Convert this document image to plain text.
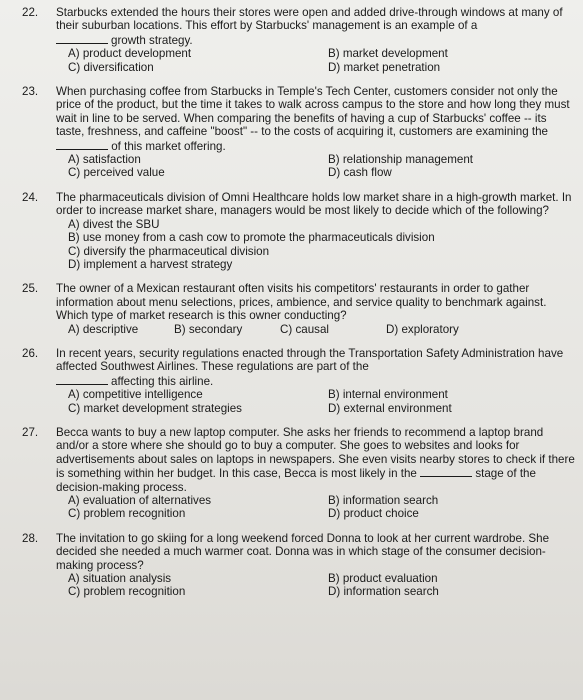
22. Starbucks extended the hours their stores were open and added drive-through windows at many of their suburban locations. This effort by Starbucks' management is an example of a
growth strategy.

A) product development	B) market development
C) diversification	D) market penetration
23. When purchasing coffee from Starbucks in Temple's Tech Center, customers consider not only the price of the product, but the time it takes to walk across campus to the store and how long they must wait in line to be served. When comparing the benefits of having a cup of Starbucks' coffee -- its taste, freshness, and caffeine "boost" -- to the costs of acquiring it, customers are examining the  of this market offering.

A) satisfaction	B) relationship management
C) perceived value	D) cash flow
24. The pharmaceuticals division of Omni Healthcare holds low market share in a high-growth market. In order to increase market share, managers would be most likely to decide which of the following?

A) divest the SBU
B) use money from a cash cow to promote the pharmaceuticals division
C) diversify the pharmaceutical division
D) implement a harvest strategy
25. The owner of a Mexican restaurant often visits his competitors' restaurants in order to gather information about menu selections, prices, ambience, and service quality to benchmark against. Which type of market research is this owner conducting?

A) descriptive	B) secondary	C) causal	D) exploratory
26. In recent years, security regulations enacted through the Transportation Safety Administration have affected Southwest Airlines. These regulations are part of the
affecting this airline.

A) competitive intelligence	B) internal environment
C) market development strategies	D) external environment
27. Becca wants to buy a new laptop computer. She asks her friends to recommend a laptop brand and/or a store where she should go to buy a computer. She goes to websites and looks for advertisements about sales on laptops in newspapers. She even visits nearby stores to check if there is something within her budget. In this case, Becca is most likely in the	stage of the decision-making process.

A) evaluation of alternatives	B) information search
C) problem recognition	D) product choice
28. The invitation to go skiing for a long weekend forced Donna to look at her current wardrobe. She decided she needed a much warmer coat. Donna was in which stage of the consumer decision-making process?

A) situation analysis	B) product evaluation
C) problem recognition	D) information search
